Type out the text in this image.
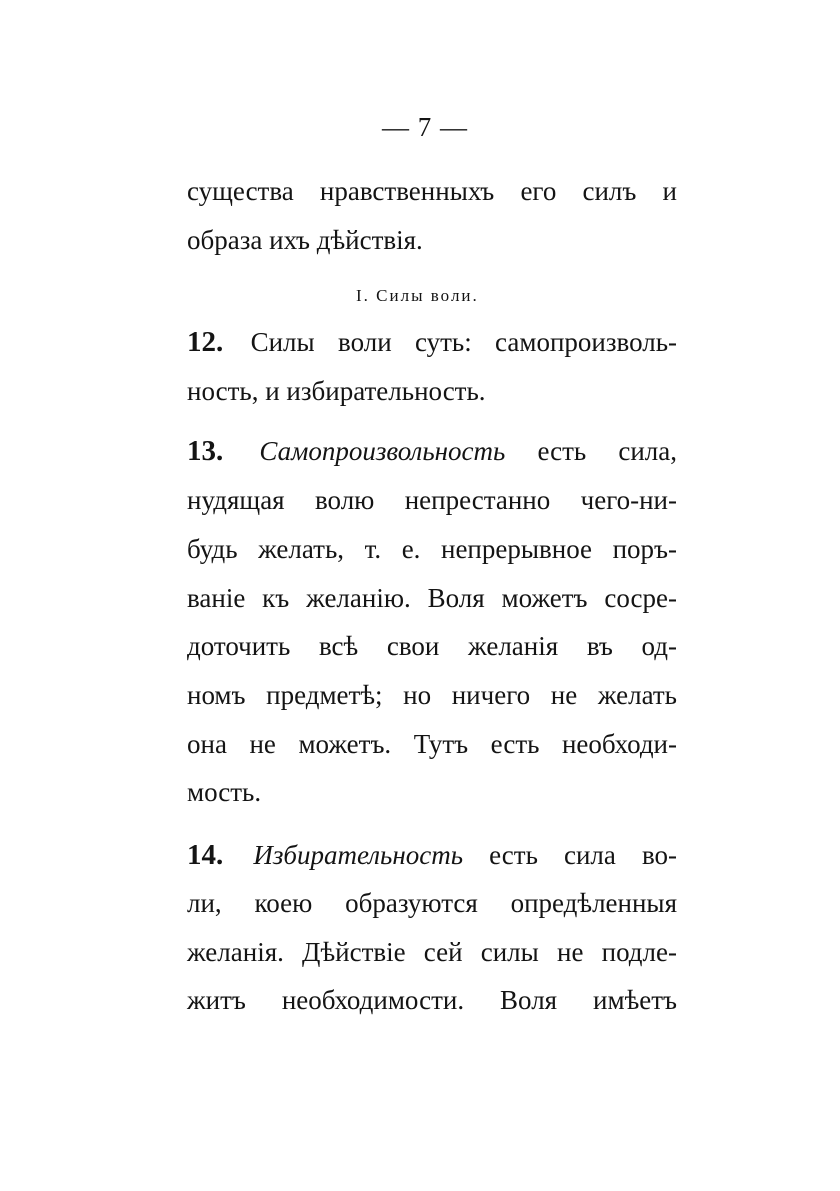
— 7 —
существа нравственныхъ его силъ и
образа ихъ дѣйствія.
I. Силы воли.
12. Силы воли суть: самопроизволь-
ность, и избирательность.
13. Самопроизвольность есть сила,
нудящая волю непрестанно чего-ни-
будь желать, т. е. непрерывное поръ-
ваніе къ желанію. Воля можетъ сосре-
доточить всѣ свои желанія въ од-
номъ предметѣ; но ничего не желать
она не можетъ. Тутъ есть необходи-
мость.
14. Избирательность есть сила во-
ли, коею образуются опредѣленныя
желанія. Дѣйствіе сей силы не подле-
житъ необходимости. Воля имѣетъ
